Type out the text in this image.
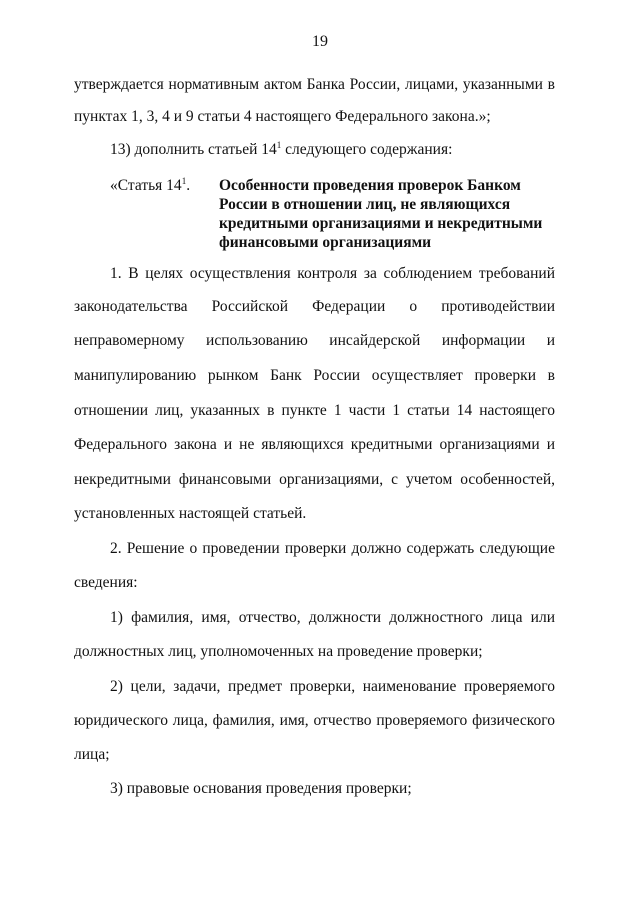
19
утверждается нормативным актом Банка России, лицами, указанными в
пунктах 1, 3, 4 и 9 статьи 4 настоящего Федерального закона.»;
13) дополнить статьей $14^1$ следующего содержания:
«Статья $14^1$. Особенности проведения проверок Банком
России в отношении лиц, не являющихся
кредитными организациями и некредитными
финансовыми организациями
1. В целях осуществления контроля за соблюдением требований
законодательства Российской Федерации о противодействии
неправомерному использованию инсайдерской информации и
манипулированию рынком Банк России осуществляет проверки в
отношении лиц, указанных в пункте 1 части 1 статьи 14 настоящего
Федерального закона и не являющихся кредитными организациями и
некредитными финансовыми организациями, с учетом особенностей,
установленных настоящей статьей.
2. Решение о проведении проверки должно содержать следующие
сведения:
1) фамилия, имя, отчество, должности должностного лица или
должностных лиц, уполномоченных на проведение проверки;
2) цели, задачи, предмет проверки, наименование проверяемого
юридического лица, фамилия, имя, отчество проверяемого физического
лица;
3) правовые основания проведения проверки;
